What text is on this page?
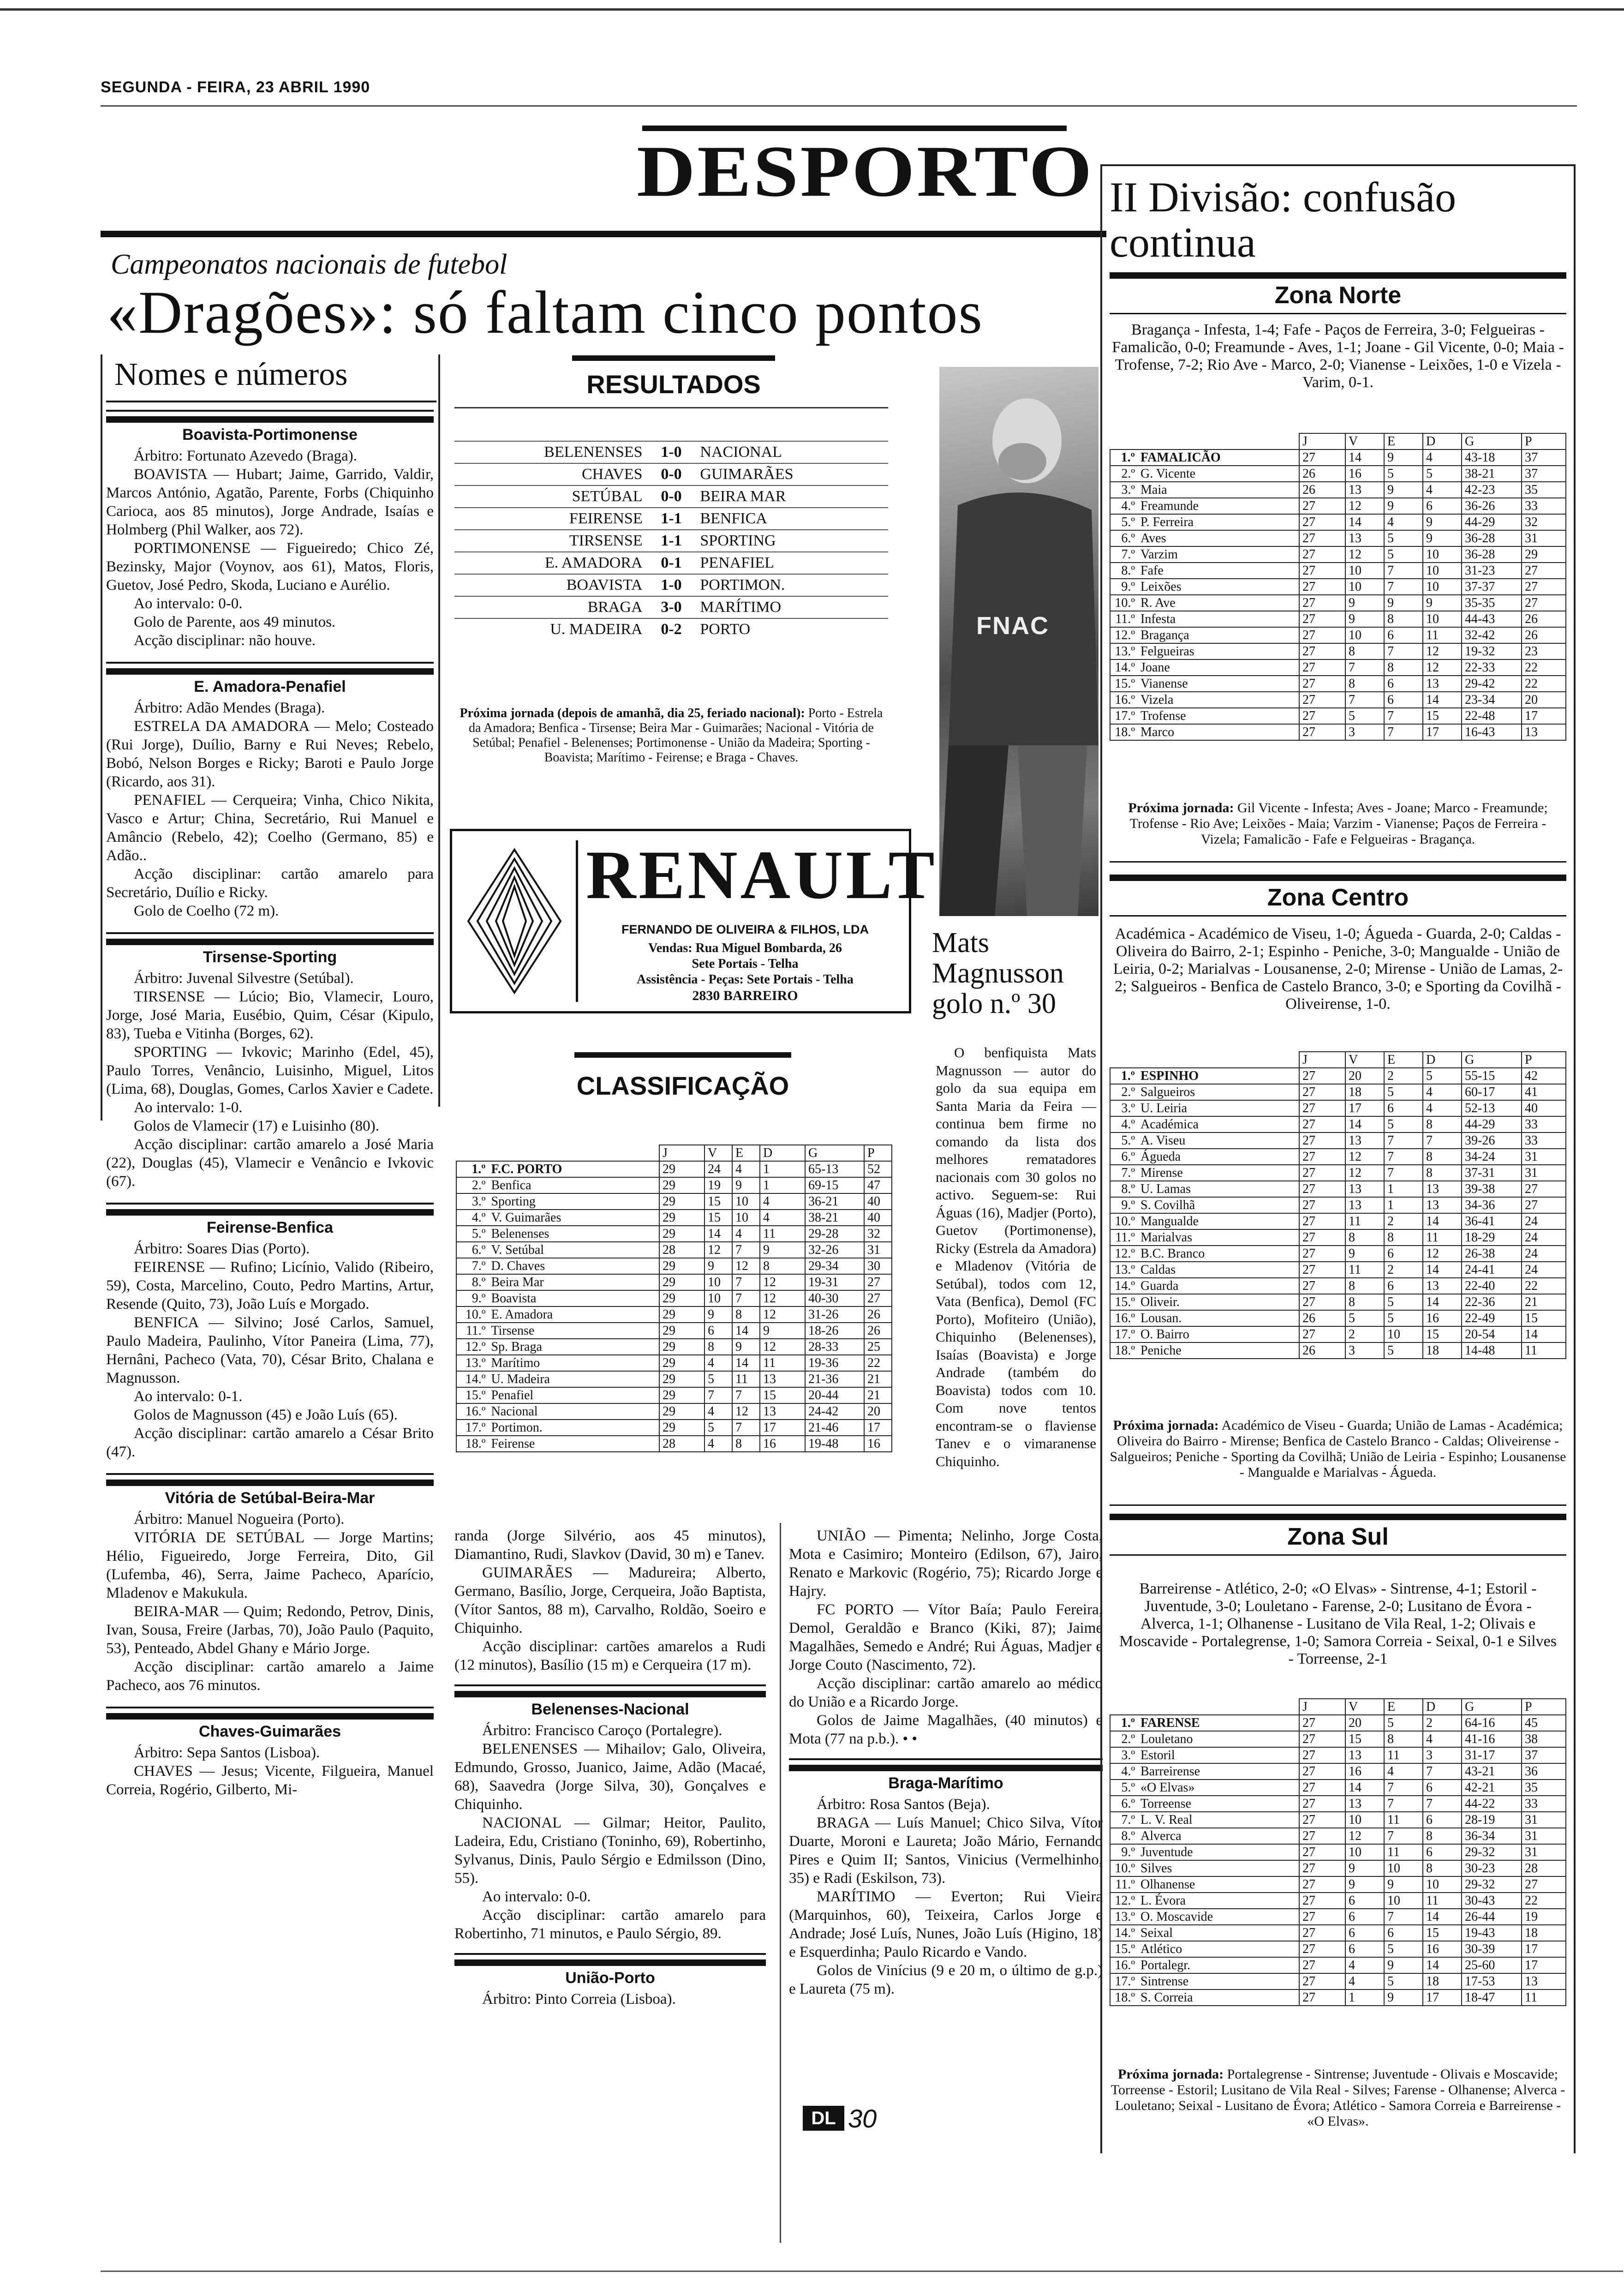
SEGUNDA - FEIRA, 23 ABRIL 1990
DESPORTO
Campeonatos nacionais de futebol
«Dragões»: só faltam cinco pontos
Nomes e números
Boavista-Portimonense

Árbitro: Fortunato Azevedo (Braga).

BOAVISTA — Hubart; Jaime, Garrido, Valdir, Marcos António, Agatão, Parente, Forbs (Chiquinho Carioca, aos 85 minutos), Jorge Andrade, Isaías e Holmberg (Phil Walker, aos 72).

PORTIMONENSE — Figueiredo; Chico Zé, Bezinsky, Major (Voynov, aos 61), Matos, Floris, Guetov, José Pedro, Skoda, Luciano e Aurélio.

Ao intervalo: 0-0.

Golo de Parente, aos 49 minutos.

Acção disciplinar: não houve.

E. Amadora-Penafiel

Árbitro: Adão Mendes (Braga).

ESTRELA DA AMADORA — Melo; Costeado (Rui Jorge), Duílio, Barny e Rui Neves; Rebelo, Bobó, Nelson Borges e Ricky; Baroti e Paulo Jorge (Ricardo, aos 31).

PENAFIEL — Cerqueira; Vinha, Chico Nikita, Vasco e Artur; China, Secretário, Rui Manuel e Amâncio (Rebelo, 42); Coelho (Germano, 85) e Adão..

Acção disciplinar: cartão amarelo para Secretário, Duílio e Ricky.

Golo de Coelho (72 m).

Tirsense-Sporting

Árbitro: Juvenal Silvestre (Setúbal).

TIRSENSE — Lúcio; Bio, Vlamecir, Louro, Jorge, José Maria, Eusébio, Quim, César (Kipulo, 83), Tueba e Vitinha (Borges, 62).

SPORTING — Ivkovic; Marinho (Edel, 45), Paulo Torres, Venâncio, Luisinho, Miguel, Litos (Lima, 68), Douglas, Gomes, Carlos Xavier e Cadete.

Ao intervalo: 1-0.

Golos de Vlamecir (17) e Luisinho (80).

Acção disciplinar: cartão amarelo a José Maria (22), Douglas (45), Vlamecir e Venâncio e Ivkovic (67).

Feirense-Benfica

Árbitro: Soares Dias (Porto).

FEIRENSE — Rufino; Licínio, Valido (Ribeiro, 59), Costa, Marcelino, Couto, Pedro Martins, Artur, Resende (Quito, 73), João Luís e Morgado.

BENFICA — Silvino; José Carlos, Samuel, Paulo Madeira, Paulinho, Vítor Paneira (Lima, 77), Hernâni, Pacheco (Vata, 70), César Brito, Chalana e Magnusson.

Ao intervalo: 0-1.

Golos de Magnusson (45) e João Luís (65).

Acção disciplinar: cartão amarelo a César Brito (47).

Vitória de Setúbal-Beira-Mar

Árbitro: Manuel Nogueira (Porto).

VITÓRIA DE SETÚBAL — Jorge Martins; Hélio, Figueiredo, Jorge Ferreira, Dito, Gil (Lufemba, 46), Serra, Jaime Pacheco, Aparício, Mladenov e Makukula.

BEIRA-MAR — Quim; Redondo, Petrov, Dinis, Ivan, Sousa, Freire (Jarbas, 70), João Paulo (Paquito, 53), Penteado, Abdel Ghany e Mário Jorge.

Acção disciplinar: cartão amarelo a Jaime Pacheco, aos 76 minutos.

Chaves-Guimarães

Árbitro: Sepa Santos (Lisboa).

CHAVES — Jesus; Vicente, Filgueira, Manuel Correia, Rogério, Gilberto, Mi-

RESULTADOS
BELENENSES	1-0	NACIONAL
CHAVES	0-0	GUIMARÃES
SETÚBAL	0-0	BEIRA MAR
FEIRENSE	1-1	BENFICA
TIRSENSE	1-1	SPORTING
E. AMADORA	0-1	PENAFIEL
BOAVISTA	1-0	PORTIMON.
BRAGA	3-0	MARÍTIMO
U. MADEIRA	0-2	PORTO
Próxima jornada (depois de amanhã, dia 25, feriado nacional): Porto - Estrela da Amadora; Benfica - Tirsense; Beira Mar - Guimarães; Nacional - Vitória de Setúbal; Penafiel - Belenenses; Portimonense - União da Madeira; Sporting - Boavista; Marítimo - Feirense; e Braga - Chaves.
RENAULT
FERNANDO DE OLIVEIRA & FILHOS, LDA
Vendas: Rua Miguel Bombarda, 26
Sete Portais - Telha
Assistência - Peças: Sete Portais - Telha
2830 BARREIRO
FNAC
Mats Magnusson golo n.º 30
CLASSIFICAÇÃO
		J	V	E	D	G	P
1.º	F.C. PORTO	29	24	4	1	65-13	52
2.º	Benfica	29	19	9	1	69-15	47
3.º	Sporting	29	15	10	4	36-21	40
4.º	V. Guimarães	29	15	10	4	38-21	40
5.º	Belenenses	29	14	4	11	29-28	32
6.º	V. Setúbal	28	12	7	9	32-26	31
7.º	D. Chaves	29	9	12	8	29-34	30
8.º	Beira Mar	29	10	7	12	19-31	27
9.º	Boavista	29	10	7	12	40-30	27
10.º	E. Amadora	29	9	8	12	31-26	26
11.º	Tirsense	29	6	14	9	18-26	26
12.º	Sp. Braga	29	8	9	12	28-33	25
13.º	Marítimo	29	4	14	11	19-36	22
14.º	U. Madeira	29	5	11	13	21-36	21
15.º	Penafiel	29	7	7	15	20-44	21
16.º	Nacional	29	4	12	13	24-42	20
17.º	Portimon.	29	5	7	17	21-46	17
18.º	Feirense	28	4	8	16	19-48	16
O benfiquista Mats Magnusson — autor do golo da sua equipa em Santa Maria da Feira — continua bem firme no comando da lista dos melhores rematadores nacionais com 30 golos no activo. Seguem-se: Rui Águas (16), Madjer (Porto), Guetov (Portimonense), Ricky (Estrela da Amadora) e Mladenov (Vitória de Setúbal), todos com 12, Vata (Benfica), Demol (FC Porto), Mofiteiro (União), Chiquinho (Belenenses), Isaías (Boavista) e Jorge Andrade (também do Boavista) todos com 10. Com nove tentos encontram-se o flaviense Tanev e o vimaranense Chiquinho.

randa (Jorge Silvério, aos 45 minutos), Diamantino, Rudi, Slavkov (David, 30 m) e Tanev.

GUIMARÃES — Madureira; Alberto, Germano, Basílio, Jorge, Cerqueira, João Baptista, (Vítor Santos, 88 m), Carvalho, Roldão, Soeiro e Chiquinho.

Acção disciplinar: cartões amarelos a Rudi (12 minutos), Basílio (15 m) e Cerqueira (17 m).

Belenenses-Nacional

Árbitro: Francisco Caroço (Portalegre).

BELENENSES — Mihailov; Galo, Oliveira, Edmundo, Grosso, Juanico, Jaime, Adão (Macaé, 68), Saavedra (Jorge Silva, 30), Gonçalves e Chiquinho.

NACIONAL — Gilmar; Heitor, Paulito, Ladeira, Edu, Cristiano (Toninho, 69), Robertinho, Sylvanus, Dinis, Paulo Sérgio e Edmilsson (Dino, 55).

Ao intervalo: 0-0.

Acção disciplinar: cartão amarelo para Robertinho, 71 minutos, e Paulo Sérgio, 89.

União-Porto

Árbitro: Pinto Correia (Lisboa).

UNIÃO — Pimenta; Nelinho, Jorge Costa, Mota e Casimiro; Monteiro (Edilson, 67), Jairo, Renato e Markovic (Rogério, 75); Ricardo Jorge e Hajry.

FC PORTO — Vítor Baía; Paulo Fereira, Demol, Geraldão e Branco (Kiki, 87); Jaime Magalhães, Semedo e André; Rui Águas, Madjer e Jorge Couto (Nascimento, 72).

Acção disciplinar: cartão amarelo ao médico do União e a Ricardo Jorge.

Golos de Jaime Magalhães, (40 minutos) e Mota (77 na p.b.). • •

Braga-Marítimo

Árbitro: Rosa Santos (Beja).

BRAGA — Luís Manuel; Chico Silva, Vítor Duarte, Moroni e Laureta; João Mário, Fernando Pires e Quim II; Santos, Vinicius (Vermelhinho, 35) e Radi (Eskilson, 73).

MARÍTIMO — Everton; Rui Vieira (Marquinhos, 60), Teixeira, Carlos Jorge e Andrade; José Luís, Nunes, João Luís (Higino, 18) e Esquerdinha; Paulo Ricardo e Vando.

Golos de Vinícius (9 e 20 m, o último de g.p.) e Laureta (75 m).

DL 30
II Divisão: confusão continua
Zona Norte
Bragança - Infesta, 1-4; Fafe - Paços de Ferreira, 3-0; Felgueiras - Famalicão, 0-0; Freamunde - Aves, 1-1; Joane - Gil Vicente, 0-0; Maia - Trofense, 7-2; Rio Ave - Marco, 2-0; Vianense - Leixões, 1-0 e Vizela - Varim, 0-1.
		J	V	E	D	G	P
1.º	FAMALICÃO	27	14	9	4	43-18	37
2.º	G. Vicente	26	16	5	5	38-21	37
3.º	Maia	26	13	9	4	42-23	35
4.º	Freamunde	27	12	9	6	36-26	33
5.º	P. Ferreira	27	14	4	9	44-29	32
6.º	Aves	27	13	5	9	36-28	31
7.º	Varzim	27	12	5	10	36-28	29
8.º	Fafe	27	10	7	10	31-23	27
9.º	Leixões	27	10	7	10	37-37	27
10.º	R. Ave	27	9	9	9	35-35	27
11.º	Infesta	27	9	8	10	44-43	26
12.º	Bragança	27	10	6	11	32-42	26
13.º	Felgueiras	27	8	7	12	19-32	23
14.º	Joane	27	7	8	12	22-33	22
15.º	Vianense	27	8	6	13	29-42	22
16.º	Vizela	27	7	6	14	23-34	20
17.º	Trofense	27	5	7	15	22-48	17
18.º	Marco	27	3	7	17	16-43	13
Próxima jornada: Gil Vicente - Infesta; Aves - Joane; Marco - Freamunde; Trofense - Rio Ave; Leixões - Maia; Varzim - Vianense; Paços de Ferreira - Vizela; Famalicão - Fafe e Felgueiras - Bragança.
Zona Centro
Académica - Académico de Viseu, 1-0; Águeda - Guarda, 2-0; Caldas - Oliveira do Bairro, 2-1; Espinho - Peniche, 3-0; Mangualde - União de Leiria, 0-2; Marialvas - Lousanense, 2-0; Mirense - União de Lamas, 2-2; Salgueiros - Benfica de Castelo Branco, 3-0; e Sporting da Covilhã - Oliveirense, 1-0.
		J	V	E	D	G	P
1.º	ESPINHO	27	20	2	5	55-15	42
2.º	Salgueiros	27	18	5	4	60-17	41
3.º	U. Leiria	27	17	6	4	52-13	40
4.º	Académica	27	14	5	8	44-29	33
5.º	A. Viseu	27	13	7	7	39-26	33
6.º	Águeda	27	12	7	8	34-24	31
7.º	Mirense	27	12	7	8	37-31	31
8.º	U. Lamas	27	13	1	13	39-38	27
9.º	S. Covilhã	27	13	1	13	34-36	27
10.º	Mangualde	27	11	2	14	36-41	24
11.º	Marialvas	27	8	8	11	18-29	24
12.º	B.C. Branco	27	9	6	12	26-38	24
13.º	Caldas	27	11	2	14	24-41	24
14.º	Guarda	27	8	6	13	22-40	22
15.º	Oliveir.	27	8	5	14	22-36	21
16.º	Lousan.	26	5	5	16	22-49	15
17.º	O. Bairro	27	2	10	15	20-54	14
18.º	Peniche	26	3	5	18	14-48	11
Próxima jornada: Académico de Viseu - Guarda; União de Lamas - Académica; Oliveira do Bairro - Mirense; Benfica de Castelo Branco - Caldas; Oliveirense - Salgueiros; Peniche - Sporting da Covilhã; União de Leiria - Espinho; Lousanense - Mangualde e Marialvas - Águeda.
Zona Sul
Barreirense - Atlético, 2-0; «O Elvas» - Sintrense, 4-1; Estoril - Juventude, 3-0; Louletano - Farense, 2-0; Lusitano de Évora - Alverca, 1-1; Olhanense - Lusitano de Vila Real, 1-2; Olivais e Moscavide - Portalegrense, 1-0; Samora Correia - Seixal, 0-1 e Silves - Torreense, 2-1
		J	V	E	D	G	P
1.º	FARENSE	27	20	5	2	64-16	45
2.º	Louletano	27	15	8	4	41-16	38
3.º	Estoril	27	13	11	3	31-17	37
4.º	Barreirense	27	16	4	7	43-21	36
5.º	«O Elvas»	27	14	7	6	42-21	35
6.º	Torreense	27	13	7	7	44-22	33
7.º	L. V. Real	27	10	11	6	28-19	31
8.º	Alverca	27	12	7	8	36-34	31
9.º	Juventude	27	10	11	6	29-32	31
10.º	Silves	27	9	10	8	30-23	28
11.º	Olhanense	27	9	9	10	29-32	27
12.º	L. Évora	27	6	10	11	30-43	22
13.º	O. Moscavide	27	6	7	14	26-44	19
14.º	Seixal	27	6	6	15	19-43	18
15.º	Atlético	27	6	5	16	30-39	17
16.º	Portalegr.	27	4	9	14	25-60	17
17.º	Sintrense	27	4	5	18	17-53	13
18.º	S. Correia	27	1	9	17	18-47	11
Próxima jornada: Portalegrense - Sintrense; Juventude - Olivais e Moscavide; Torreense - Estoril; Lusitano de Vila Real - Silves; Farense - Olhanense; Alverca - Louletano; Seixal - Lusitano de Évora; Atlético - Samora Correia e Barreirense - «O Elvas».
